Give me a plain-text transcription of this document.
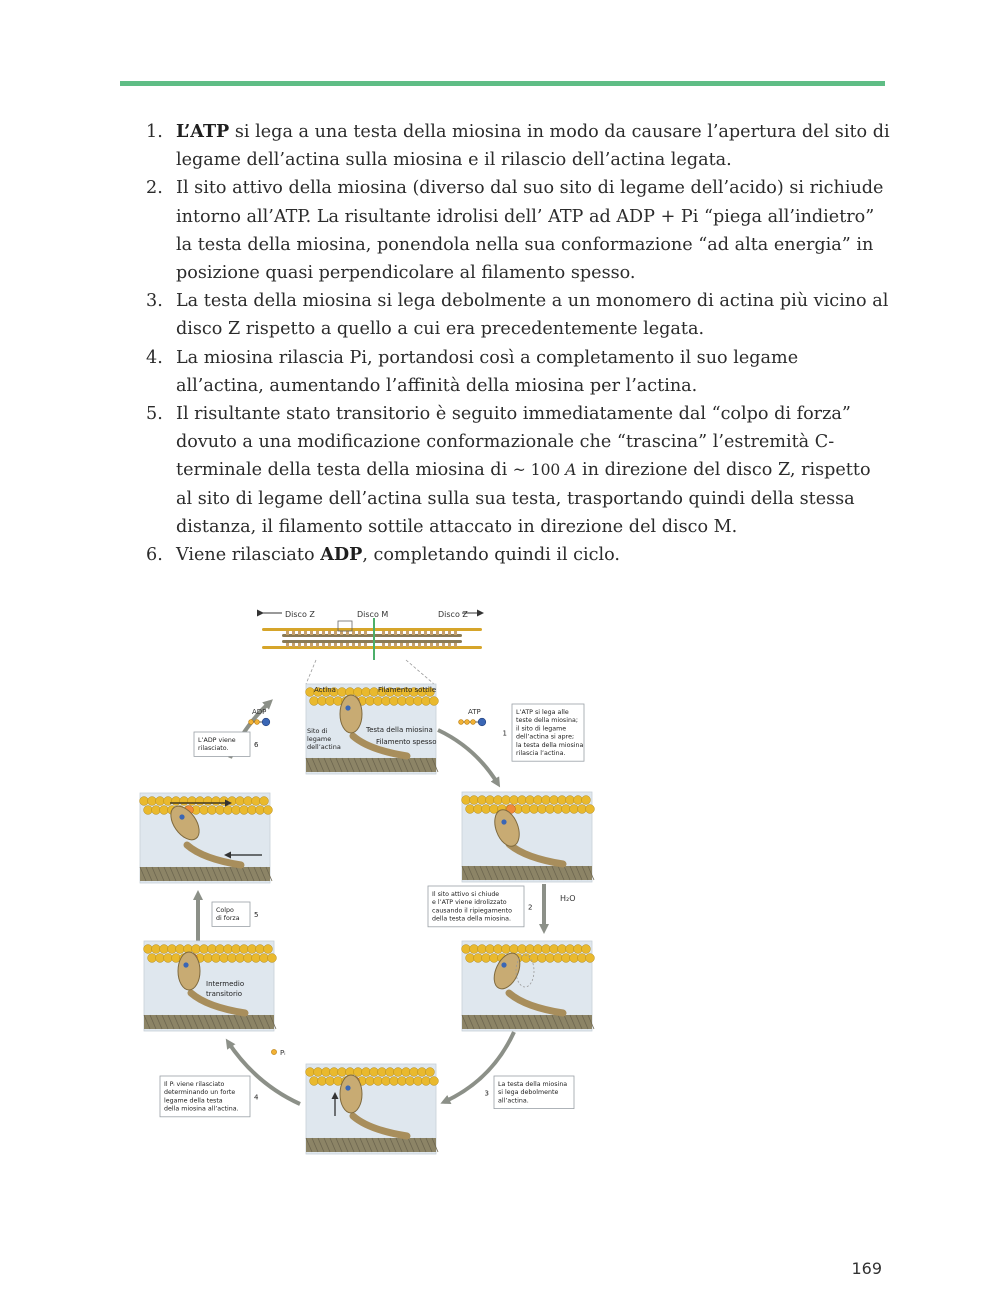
1. L’ATP si lega a una testa della miosina in modo da causare l’apertura del sito di legame dell’actina sulla miosina e il rilascio dell’actina legata.
2. Il sito attivo della miosina (diverso dal suo sito di legame dell’acido) si richiude intorno all’ATP. La risultante idrolisi dell’ ATP ad ADP + Pi “piega all’indietro” la testa della miosina, ponendola nella sua conformazione “ad alta energia” in posizione quasi perpendicolare al filamento spesso.
3. La testa della miosina si lega debolmente a un monomero di actina più vicino al disco Z rispetto a quello a cui era precedentemente legata.
4. La miosina rilascia Pi, portandosi così a completamento il suo legame all’actina, aumentando l’affinità della miosina per l’actina.
5. Il risultante stato transitorio è seguito immediatamente dal “colpo di forza” dovuto a una modificazione conformazionale che “trascina” l’estremità C-terminale della testa della miosina di ~ 100 A in direzione del disco Z, rispetto al sito di legame dell’actina sulla sua testa, trasportando quindi della stessa distanza, il filamento sottile attaccato in direzione del disco M.
6. Viene rilasciato ADP, completando quindi il ciclo.
Disco Z	Disco M	Disco Z
ADP	ATP
H₂O
Pᵢ
Actina	Filamento sottile
Sito di
legame
dell’actina
Testa della miosina
Filamento spesso
Intermedio
transitorio
1
L’ATP si lega alle
teste della miosina;
il sito di legame
dell’actina si apre;
la testa della miosina
rilascia l’actina.
2
Il sito attivo si chiude
e l’ATP viene idrolizzato
causando il ripiegamento
della testa della miosina.
3
La testa della miosina
si lega debolmente
all’actina.
4
Il Pᵢ viene rilasciato
determinando un forte
legame della testa
della miosina all’actina.
5
Colpo
di forza
6
L’ADP viene
rilasciato.
169
